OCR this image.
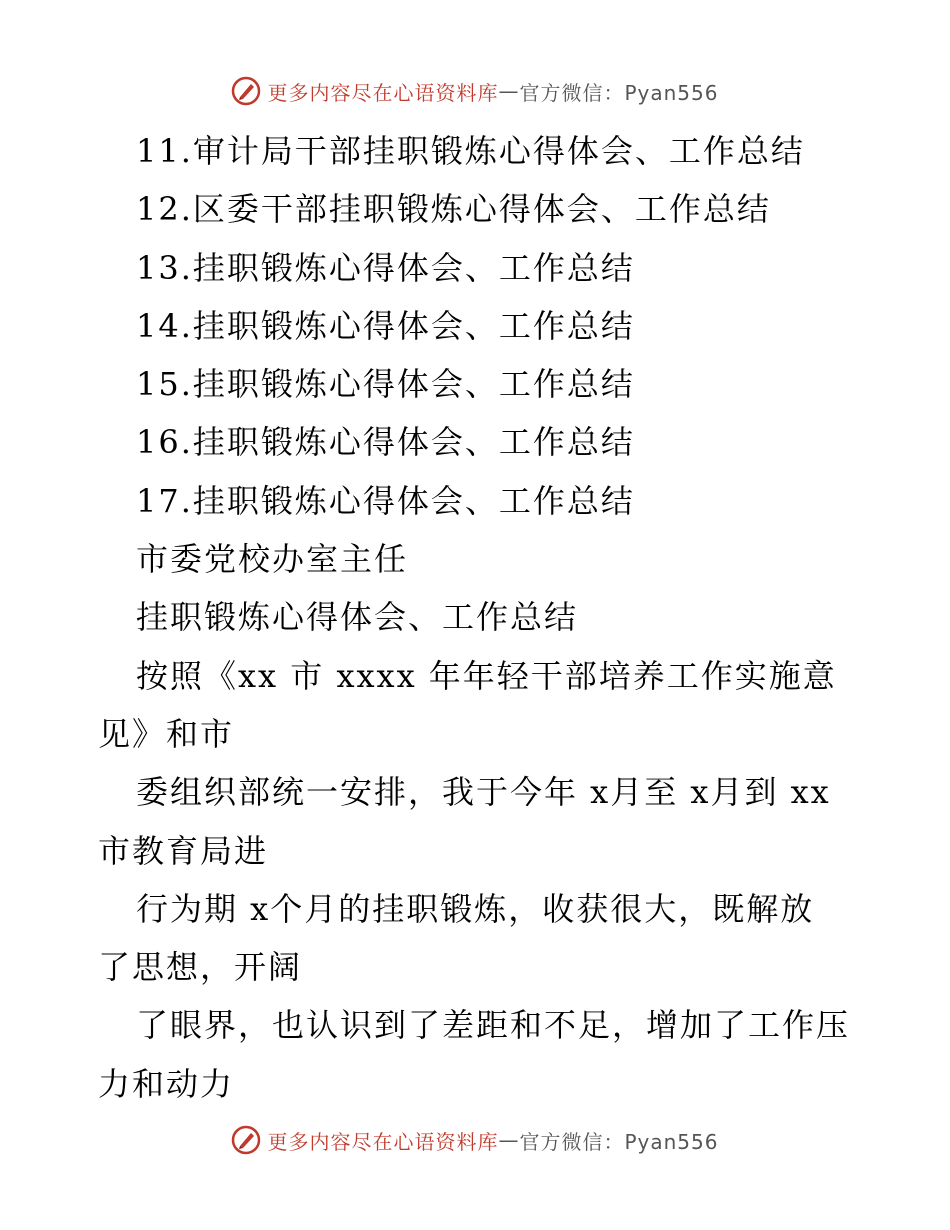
更多内容尽在心语资料库 — 官方微信：Pyan556
11.审计局干部挂职锻炼心得体会、工作总结
12.区委干部挂职锻炼心得体会、工作总结
13.挂职锻炼心得体会、工作总结
14.挂职锻炼心得体会、工作总结
15.挂职锻炼心得体会、工作总结
16.挂职锻炼心得体会、工作总结
17.挂职锻炼心得体会、工作总结
市委党校办室主任
挂职锻炼心得体会、工作总结
按照《xx 市 xxxx 年年轻干部培养工作实施意
见》和市
委组织部统一安排，我于今年 x月至 x月到 xx
市教育局进
行为期 x个月的挂职锻炼，收获很大，既解放
了思想，开阔
了眼界，也认识到了差距和不足，增加了工作压
力和动力
更多内容尽在心语资料库 — 官方微信：Pyan556
